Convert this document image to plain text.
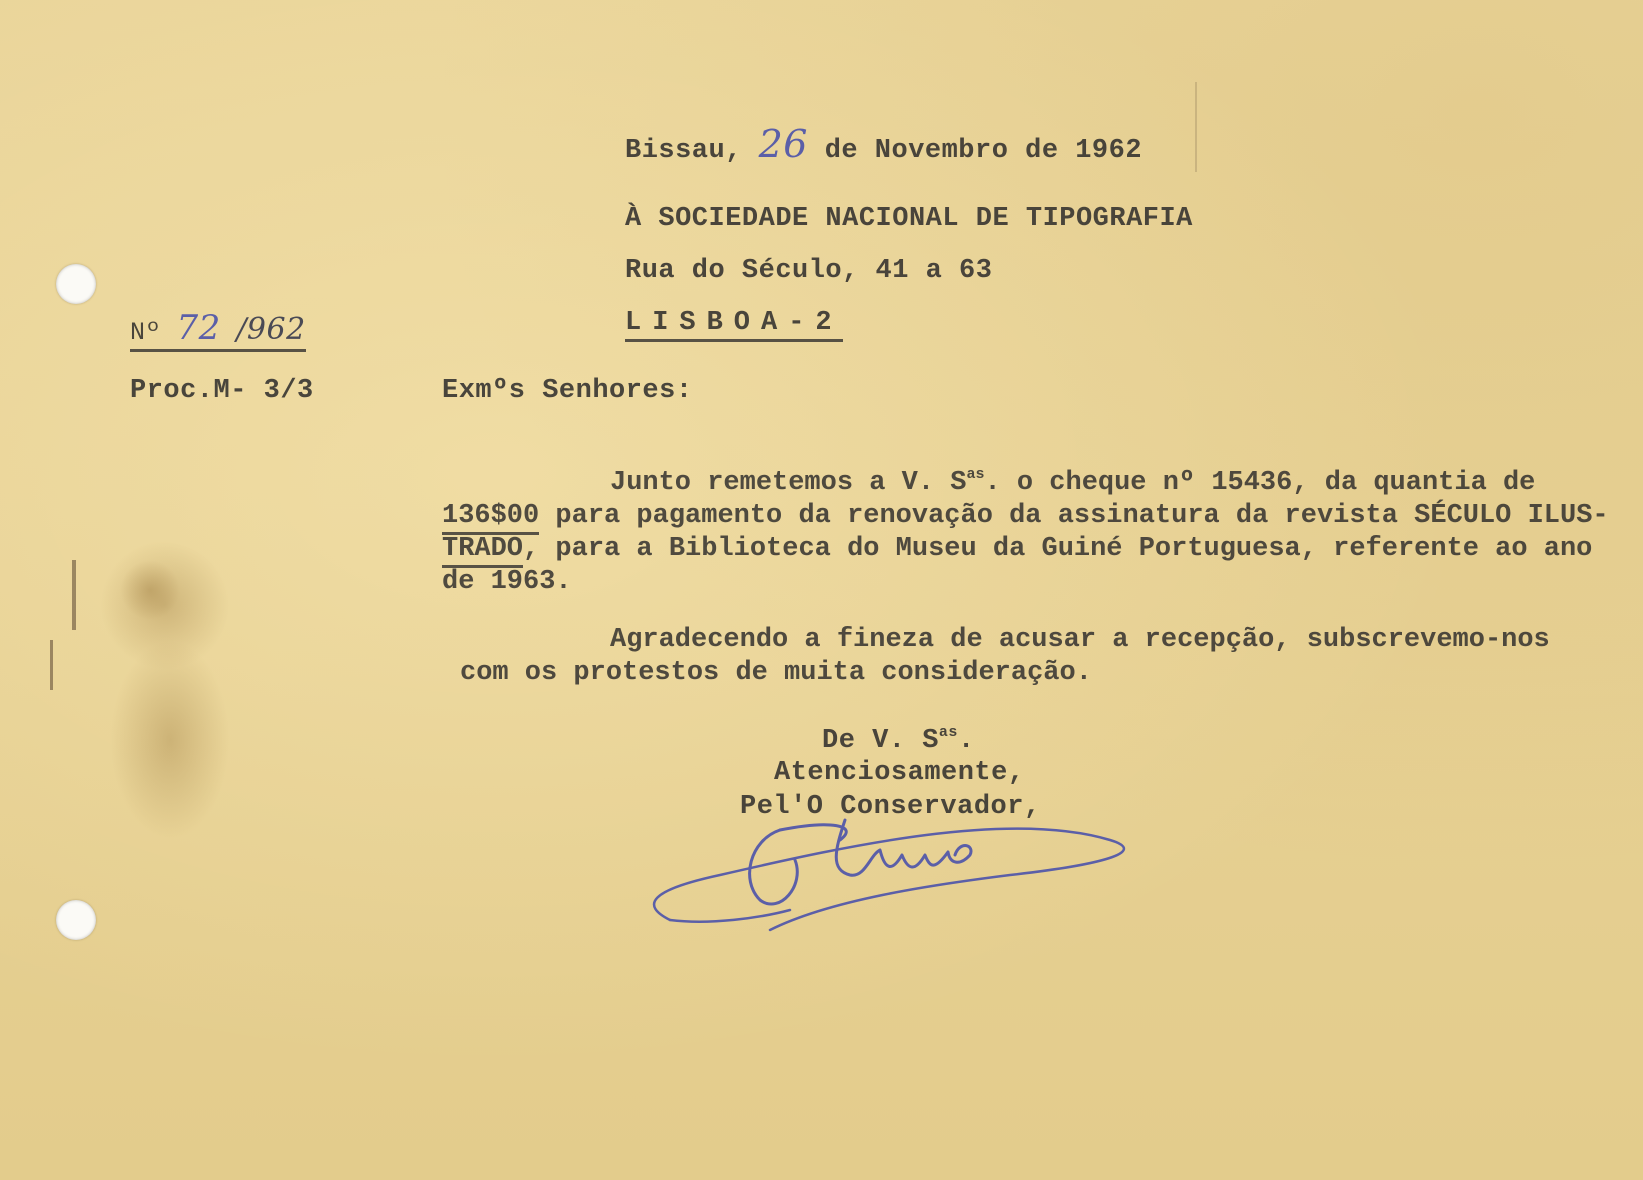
Bissau, 26 de Novembro de 1962
À SOCIEDADE NACIONAL DE TIPOGRAFIA
Rua do Século, 41 a 63
LISBOA-2
Nº 72 /962
Proc.M- 3/3	Exmºs Senhores:
Junto remetemos a V. $S^{as}$. o cheque nº 15436, da quantia de
136$00 para pagamento da renovação da assinatura da revista SÉCULO ILUS-
TRADO, para a Biblioteca do Museu da Guiné Portuguesa, referente ao ano
de 1963.
Agradecendo a fineza de acusar a recepção, subscrevemo-nos
com os protestos de muita consideração.
De V. $S^{as}$.
Atenciosamente,
Pel'O Conservador,
